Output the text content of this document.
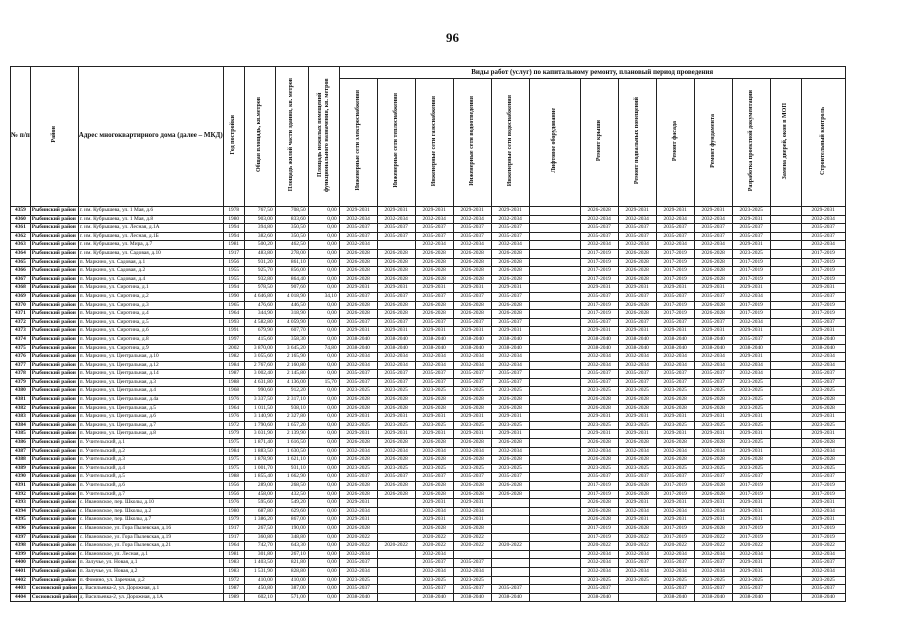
96
№ п/п	Район	Адрес многоквартирного дома (далее – МКД)	Год постройки	Общая площадь, кв.метров	Площадь жилой части здания, кв. метров	Площадь нежилых помещений функционального назначения, кв. метров	Виды работ (услуг) по капитальному ремонту, плановый период проведения												
							Инженерные сети электроснабжения	Инженерные сети теплоснабжения	Инженерные сети газоснабжения	Инженерные сети водоотведения	Инженерные сети водоснабжения	Лифтовое оборудование	Ремонт крыши	Ремонт подвальных помещений	Ремонт фасада	Ремонт фундамента	Разработка проектной документации	Замена дверей, окон в МОП	Строительный контроль
4359	Рыбинский район	г. им. Кубрышева, ул. 1 Мая, д.6	1978	767,50	708,50	0,00	2029-2031	2029-2031	2029-2031	2029-2031	2029-2031		2026-2028	2029-2031	2029-2031	2029-2031	2023-2025		2029-2031
4360	Рыбинский район	г. им. Кубрышева, ул. 1 Мая, д.8	1980	903,00	833,60	0,00	2032-2034	2032-2034	2032-2034	2032-2034	2032-2034		2032-2034	2032-2034	2032-2034	2032-2034	2029-2031		2032-2034
4361	Рыбинский район	г. им. Кубрышева, ул. Лесная, д.1А	1994	394,80	350,50	0,00	2035-2037	2035-2037	2035-2037	2035-2037	2035-2037		2035-2037	2035-2037	2035-2037	2035-2037	2035-2037		2035-2037
4362	Рыбинский район	г. им. Кубрышева, ул. Лесная, д.1Б	1994	382,60	350,50	0,00	2035-2037	2035-2037	2035-2037	2035-2037	2035-2037		2035-2037	2035-2037	2035-2037	2035-2037	2035-2037		2035-2037
4363	Рыбинский район	г. им. Кубрышева, ул. Мира, д.7	1981	500,20	462,50	0,00	2032-2034		2032-2034	2032-2034	2032-2034		2032-2034	2032-2034	2032-2034	2032-2034	2029-2031		2032-2034
4364	Рыбинский район	г. им. Кубрышева, ул. Садовая, д.10	1917	483,80	278,00	0,00	2026-2028	2026-2028	2026-2028	2026-2028	2026-2028		2017-2019	2026-2028	2017-2019	2026-2028	2023-2025		2017-2019
4365	Рыбинский район	п. Маркино, ул. Садовая, д.1	1956	931,20	861,10	0,00	2026-2028	2026-2028	2026-2028	2026-2028	2026-2028		2017-2019	2026-2028	2017-2019	2026-2028	2017-2019		2017-2019
4366	Рыбинский район	п. Маркино, ул. Садовая, д.2	1955	925,70	856,00	0,00	2026-2028	2026-2028	2026-2028	2026-2028	2026-2028		2017-2019	2026-2028	2017-2019	2026-2028	2017-2019		2017-2019
4367	Рыбинский район	п. Маркино, ул. Садовая, д.4	1955	932,80	864,40	0,00	2026-2028	2026-2028	2026-2028	2026-2028	2026-2028		2017-2019	2026-2028	2017-2019	2026-2028	2017-2019		2017-2019
4368	Рыбинский район	п. Маркино, ул. Сиротина, д.1	1994	978,50	907,60	0,00	2029-2031	2029-2031	2029-2031	2029-2031	2029-2031		2029-2031	2029-2031	2029-2031	2029-2031	2029-2031		2029-2031
4369	Рыбинский район	п. Маркино, ул. Сиротина, д.2	1990	4 646,80	4 018,90	34,10	2035-2037	2035-2037	2035-2037	2035-2037	2035-2037		2035-2037	2035-2037	2035-2037	2035-2037	2032-2034		2035-2037
4370	Рыбинский район	п. Маркино, ул. Сиротина, д.3	1965	476,60	446,50	0,00	2026-2028	2026-2028	2026-2028	2026-2028	2026-2028		2017-2019	2026-2028	2017-2019	2026-2028	2017-2019		2017-2019
4371	Рыбинский район	п. Маркино, ул. Сиротина, д.4	1964	344,90	318,90	0,00	2026-2028	2026-2028	2026-2028	2026-2028	2026-2028		2017-2019	2026-2028	2017-2019	2026-2028	2017-2019		2017-2019
4372	Рыбинский район	п. Маркино, ул. Сиротина, д.5	1993	4 582,80	4 059,90	0,00	2035-2037	2035-2037	2035-2037	2035-2037	2035-2037		2035-2037	2035-2037	2035-2037	2035-2037	2032-2034		2035-2037
4373	Рыбинский район	п. Маркино, ул. Сиротина, д.6	1991	679,90	607,70	0,00	2029-2031	2029-2031	2029-2031	2029-2031	2029-2031		2029-2031	2029-2031	2029-2031	2029-2031	2029-2031		2029-2031
4374	Рыбинский район	п. Маркино, ул. Сиротина, д.8	1997	415,60	358,30	0,00	2038-2040	2038-2040	2038-2040	2038-2040	2038-2040		2038-2040	2038-2040	2038-2040	2038-2040	2035-2037		2038-2040
4375	Рыбинский район	п. Маркино, ул. Сиротина, д.9	2002	3 870,00	3 645,20	74,80	2038-2040	2038-2040	2038-2040	2038-2040	2038-2040		2038-2040	2038-2040	2038-2040	2038-2040	2038-2040		2038-2040
4376	Рыбинский район	п. Маркино, ул. Центральная, д.10	1982	3 055,60	2 165,90	0,00	2032-2034	2032-2034	2032-2034	2032-2034	2032-2034		2032-2034	2032-2034	2032-2034	2032-2034	2029-2031		2032-2034
4377	Рыбинский район	п. Маркино, ул. Центральная, д.12	1984	2 767,60	2 160,80	0,00	2032-2034	2032-2034	2032-2034	2032-2034	2032-2034		2032-2034	2032-2034	2032-2034	2032-2034	2032-2034		2032-2034
4378	Рыбинский район	п. Маркино, ул. Центральная, д.14	1987	3 002,40	2 145,80	0,00	2035-2037	2035-2037	2035-2037	2035-2037	2035-2037		2035-2037	2035-2037	2035-2037	2035-2037	2032-2034		2035-2037
4379	Рыбинский район	п. Маркино, ул. Центральная, д.3	1988	4 631,80	4 136,00	15,70	2035-2037	2035-2037	2035-2037	2035-2037	2035-2037		2035-2037	2035-2037	2035-2037	2035-2037	2023-2025		2035-2037
4380	Рыбинский район	п. Маркино, ул. Центральная, д.4	1968	990,60	912,20	0,00	2023-2025	2023-2025	2023-2025	2023-2025	2023-2025		2023-2025	2023-2025	2023-2025	2023-2025	2023-2025		2023-2025
4381	Рыбинский район	п. Маркино, ул. Центральная, д.4а	1976	3 337,50	2 317,10	0,00	2026-2028	2026-2028	2026-2028	2026-2028	2026-2028		2026-2028	2026-2028	2026-2028	2026-2028	2023-2025		2026-2028
4382	Рыбинский район	п. Маркино, ул. Центральная, д.5	1964	1 011,50	938,10	0,00	2026-2028	2026-2028	2026-2028	2026-2028	2026-2028		2026-2028	2026-2028	2026-2028	2026-2028	2023-2025		2026-2028
4383	Рыбинский район	п. Маркино, ул. Центральная, д.6	1976	3 140,90	2 327,80	0,00	2029-2031	2029-2031	2029-2031	2029-2031	2029-2031		2029-2031	2029-2031	2029-2031	2029-2031	2029-2031		2029-2031
4384	Рыбинский район	п. Маркино, ул. Центральная, д.7	1972	1 790,60	1 657,20	0,00	2023-2025	2023-2025	2023-2025	2023-2025	2023-2025		2023-2025	2023-2025	2023-2025	2023-2025	2023-2025		2023-2025
4385	Рыбинский район	п. Маркино, ул. Центральная, д.8	1979	3 031,90	2 139,90	0,00	2029-2031	2029-2031	2029-2031	2029-2031	2029-2031		2029-2031	2029-2031	2029-2031	2029-2031	2029-2031		2029-2031
4386	Рыбинский район	п. Учительский, д.1	1975	1 871,40	1 616,50	0,00	2026-2028	2026-2028	2026-2028	2026-2028	2026-2028		2026-2028	2026-2028	2026-2028	2026-2028	2023-2025		2026-2028
4387	Рыбинский район	п. Учительский, д.2	1984	1 883,50	1 630,50	0,00	2032-2034	2032-2034	2032-2034	2032-2034	2032-2034		2032-2034	2032-2034	2032-2034	2032-2034	2029-2031		2032-2034
4388	Рыбинский район	п. Учительский, д.3	1975	1 878,90	1 621,10	0,00	2026-2028	2026-2028	2026-2028	2026-2028	2026-2028		2026-2028	2026-2028	2026-2028	2026-2028	2026-2028		2026-2028
4389	Рыбинский район	п. Учительский, д.4	1975	1 001,70	931,10	0,00	2023-2025	2023-2025	2023-2025	2023-2025	2023-2025		2023-2025	2023-2025	2023-2025	2023-2025	2023-2025		2023-2025
4390	Рыбинский район	п. Учительский, д.5	1988	1 855,40	1 662,90	0,00	2035-2037	2035-2037	2035-2037	2035-2037	2035-2037		2035-2037	2035-2037	2035-2037	2035-2037	2035-2037		2035-2037
4391	Рыбинский район	п. Учительский, д.6	1956	289,00	268,50	0,00	2026-2028	2026-2028	2026-2028	2026-2028	2026-2028		2017-2019	2026-2028	2017-2019	2026-2028	2017-2019		2017-2019
4392	Рыбинский район	п. Учительский, д.7	1956	458,00	432,50	0,00	2026-2028	2026-2028	2026-2028	2026-2028	2026-2028		2017-2019	2026-2028	2017-2019	2026-2028	2017-2019		2017-2019
4393	Рыбинский район	с. Ивановское, пер. Школы, д.10	1976	595,60	549,20	0,00	2029-2031		2029-2031	2029-2031			2026-2028	2029-2031	2029-2031	2029-2031	2029-2031		2029-2031
4394	Рыбинский район	с. Ивановское, пер. Школы, д.2	1980	687,80	629,60	0,00	2032-2034		2032-2034	2032-2034			2026-2028	2032-2034	2032-2034	2032-2034	2029-2031		2032-2034
4395	Рыбинский район	с. Ивановское, пер. Школы, д.7	1979	1 386,20	867,00	0,00	2029-2031		2029-2031	2029-2031			2026-2028	2029-2031	2029-2031	2029-2031	2029-2031		2029-2031
4396	Рыбинский район	с. Ивановское, ул. Гора Пылевская, д.16	1917	267,50	190,00	0,00	2026-2028		2026-2028	2026-2028			2017-2019	2026-2028	2017-2019	2026-2028	2017-2019		2017-2019
4397	Рыбинский район	с. Ивановское, ул. Гора Пылевская, д.19	1917	360,80	348,80	0,00	2020-2022		2020-2022	2020-2022			2017-2019	2020-2022	2017-2019	2020-2022	2017-2019		2017-2019
4398	Рыбинский район	с. Ивановское, ул. Гора Пылевская, д.21	1964	742,70	643,30	0,00	2020-2022	2020-2022	2020-2022	2020-2022	2020-2022		2020-2022	2020-2022	2020-2022	2020-2022	2020-2022		2020-2022
4399	Рыбинский район	с. Ивановское, ул. Лесная, д.1	1981	301,80	267,10	0,00	2032-2034		2032-2034				2032-2034	2032-2034	2032-2034	2032-2034	2032-2034		2032-2034
4400	Рыбинский район	п. Залучье, ул. Новая, д.1	1983	1 403,50	821,80	0,00	2035-2037		2035-2037	2035-2037			2032-2034	2035-2037	2035-2037	2035-2037	2029-2031		2035-2037
4401	Рыбинский район	п. Залучье, ул. Новая, д.2	1983	1 531,90	828,80	0,00	2032-2034		2032-2034	2032-2034			2032-2034	2032-2034	2032-2034	2032-2034	2029-2031		2032-2034
4402	Рыбинский район	п. Фомино, ул. Заречная, д.2	1972	410,00	410,00	0,00	2023-2025		2023-2025	2023-2025			2023-2025	2023-2025	2023-2025	2023-2025	2023-2025		2023-2025
4403	Сосновский район	д. Васильевка-2, ул. Дорожная, д.1	1987	450,80	387,00	0,00	2035-2037		2035-2037	2035-2037	2035-2037		2035-2037		2035-2037	2035-2037	2035-2037		2035-2037
4404	Сосновский район	д. Васильевка-2, ул. Дорожная, д.1А	1989	602,10	571,00	0,00	2038-2040		2038-2040	2038-2040	2038-2040		2038-2040		2038-2040	2038-2040	2038-2040		2038-2040
